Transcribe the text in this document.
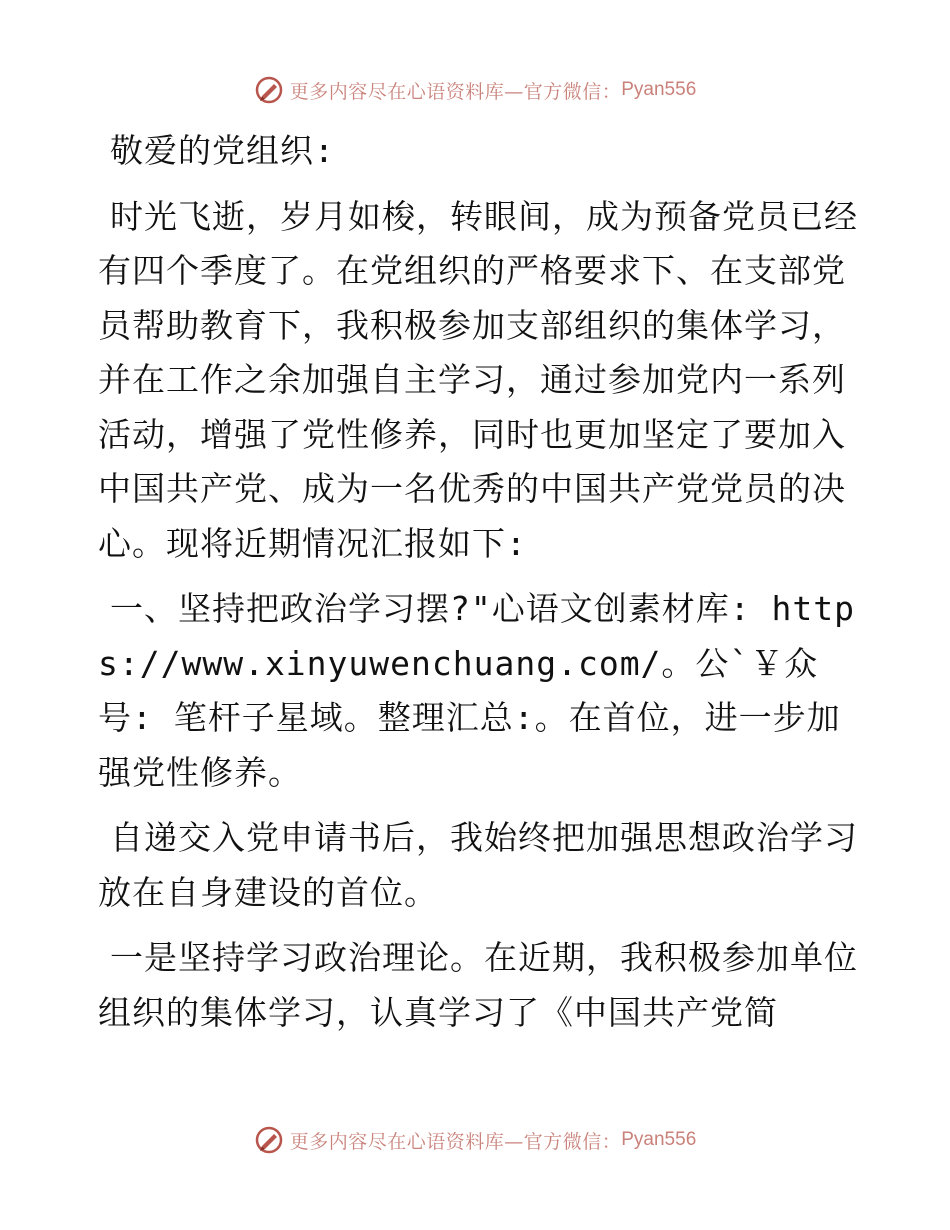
更多内容尽在心语资料库—官方微信： Pyan556

敬爱的党组织:

时光飞逝，岁月如梭，转眼间，成为预备党员已经有四个季度了。在党组织的严格要求下、在支部党员帮助教育下，我积极参加支部组织的集体学习，并在工作之余加强自主学习，通过参加党内一系列活动，增强了党性修养，同时也更加坚定了要加入中国共产党、成为一名优秀的中国共产党党员的决心。现将近期情况汇报如下:

一、坚持把政治学习摆?"心语文创素材库: https://www.xinyuwenchuang.com/。公`￥众号: 笔杆子星域。整理汇总:。在首位，进一步加强党性修养。

自递交入党申请书后，我始终把加强思想政治学习放在自身建设的首位。

一是坚持学习政治理论。在近期，我积极参加单位组织的集体学习，认真学习了《中国共产党简

更多内容尽在心语资料库—官方微信： Pyan556
